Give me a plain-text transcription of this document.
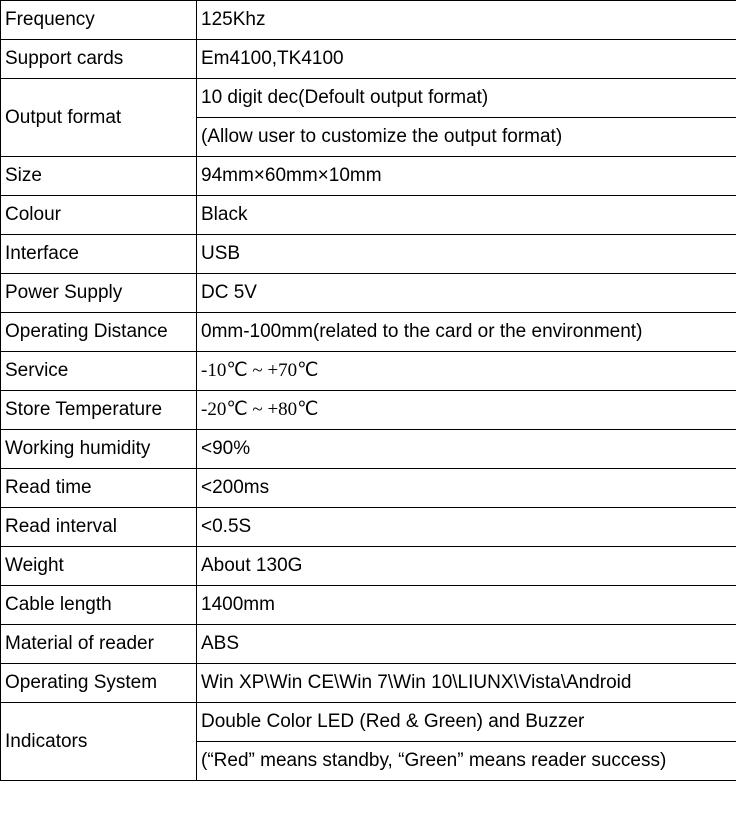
Frequency	125Khz
Support cards	Em4100,TK4100
Output format	10 digit dec(Defoult output format)
	(Allow user to customize the output format)
Size	94mm×60mm×10mm
Colour	Black
Interface	USB
Power Supply	DC 5V
Operating Distance	0mm-100mm(related to the card or the environment)
Service	-10℃ ~ +70℃
Store Temperature	-20℃ ~ +80℃
Working humidity	<90%
Read time	<200ms
Read interval	<0.5S
Weight	About 130G
Cable length	1400mm
Material of reader	ABS
Operating System	Win XP\Win CE\Win 7\Win 10\LIUNX\Vista\Android
Indicators	Double Color LED (Red & Green) and Buzzer
	(“Red” means standby, “Green” means reader success)
